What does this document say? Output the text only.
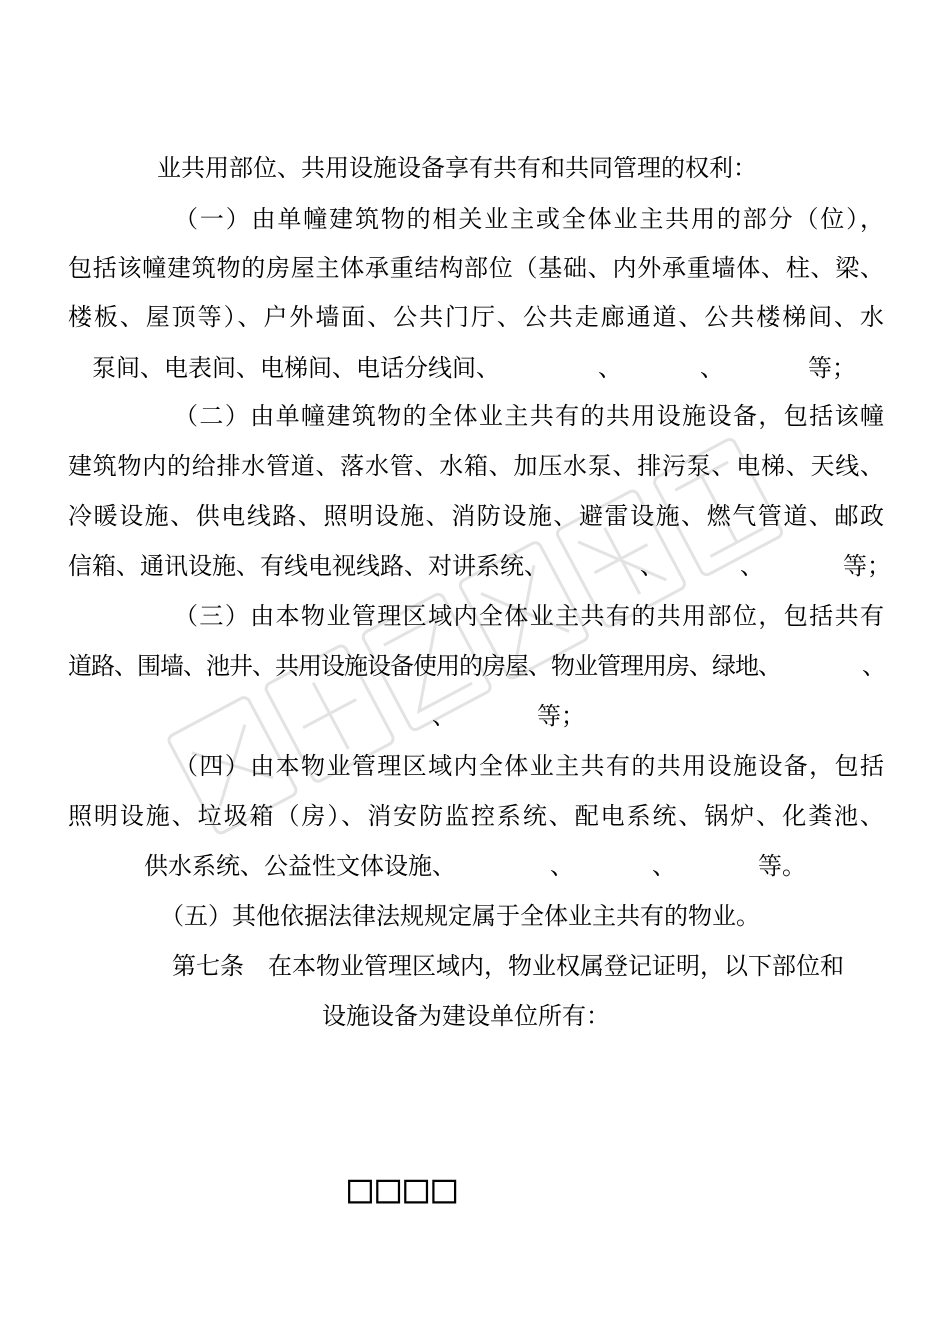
业共用部位、共用设施设备享有共有和共同管理的权利：
（一）由单幢建筑物的相关业主或全体业主共用的部分（位），
包括该幢建筑物的房屋主体承重结构部位（基础、内外承重墙体、柱、梁、
楼板、屋顶等）、户外墙面、公共门厅、公共走廊通道、公共楼梯间、水
泵间、电表间、电梯间、电话分线间、	、	、	等；
（二）由单幢建筑物的全体业主共有的共用设施设备，包括该幢
建筑物内的给排水管道、落水管、水箱、加压水泵、排污泵、电梯、天线、
冷暖设施、供电线路、照明设施、消防设施、避雷设施、燃气管道、邮政
信箱、通讯设施、有线电视线路、对讲系统、	、	、	等；
（三）由本物业管理区域内全体业主共有的共用部位，包括共有
道路、围墙、池井、共用设施设备使用的房屋、物业管理用房、绿地、	、
、	等；
（四）由本物业管理区域内全体业主共有的共用设施设备，包括
照明设施、垃圾箱（房）、消安防监控系统、配电系统、锅炉、化粪池、
供水系统、公益性文体设施、	、	、	等。
（五）其他依据法律法规规定属于全体业主共有的物业。
第七条　在本物业管理区域内，物业权属登记证明，以下部位和
设施设备为建设单位所有：
□□□□
